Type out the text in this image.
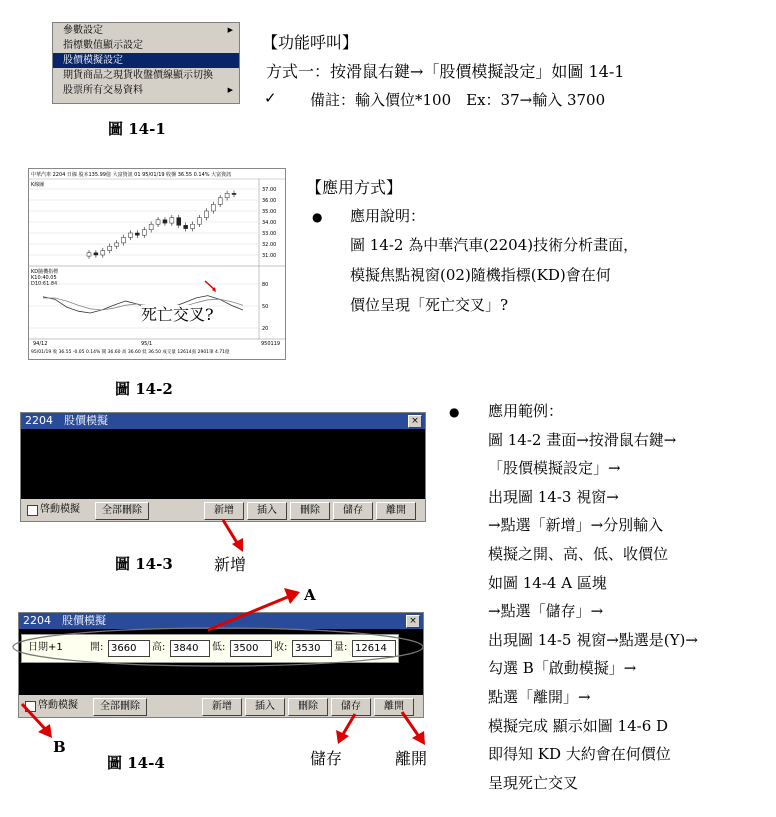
參數設定	▶
指標數值顯示設定
股價模擬設定
期貨商品之現貨收盤價線顯示切換
股票所有交易資料	▶
圖 14-1
【功能呼叫】
方式一：按滑鼠右鍵→「股價模擬設定」如圖 14-1
✓ 備註：輸入價位*100　Ex：37→輸入 3700
中華汽車 2204 日線 股本135.99億 大富資訊 01 95/01/19 收盤 36.55 0.14% 大富資訊
K線圖
KD隨機指標
K10:40.05
D10:61.84
37.00
36.00
35.00
34.00
33.00
32.00
31.00
80
50
20
94/12	95/1	950119
95/01/19 收 36.55 -0.05 0.14% 開 36.60 高 36.60 低 36.50 成交量 12614張 2901筆 4.71億
死亡交叉?
圖 14-2
【應用方式】
● 應用說明：
圖 14-2 為中華汽車(2204)技術分析畫面，
模擬焦點視窗(02)隨機指標(KD)會在何
價位呈現「死亡交叉」?
2204　股價模擬	×
啓動模擬	全部刪除	新增	插入	刪除	儲存	離開
圖 14-3	新增
2204　股價模擬	×
日期+1	開: 3660	高: 3840	低: 3500	收: 3530	量: 12614
啓動模擬	全部刪除	新增	插入	刪除	儲存	離開
A
B
圖 14-4	儲存	離開
● 應用範例：
圖 14-2 畫面→按滑鼠右鍵→
「股價模擬設定」→
出現圖 14-3 視窗→
→點選「新增」→分別輸入
模擬之開、高、低、收價位
如圖 14-4 A 區塊
→點選「儲存」→
出現圖 14-5 視窗→點選是(Y)→
勾選 B「啟動模擬」→
點選「離開」→
模擬完成 顯示如圖 14-6 D
即得知 KD 大約會在何價位
呈現死亡交叉
